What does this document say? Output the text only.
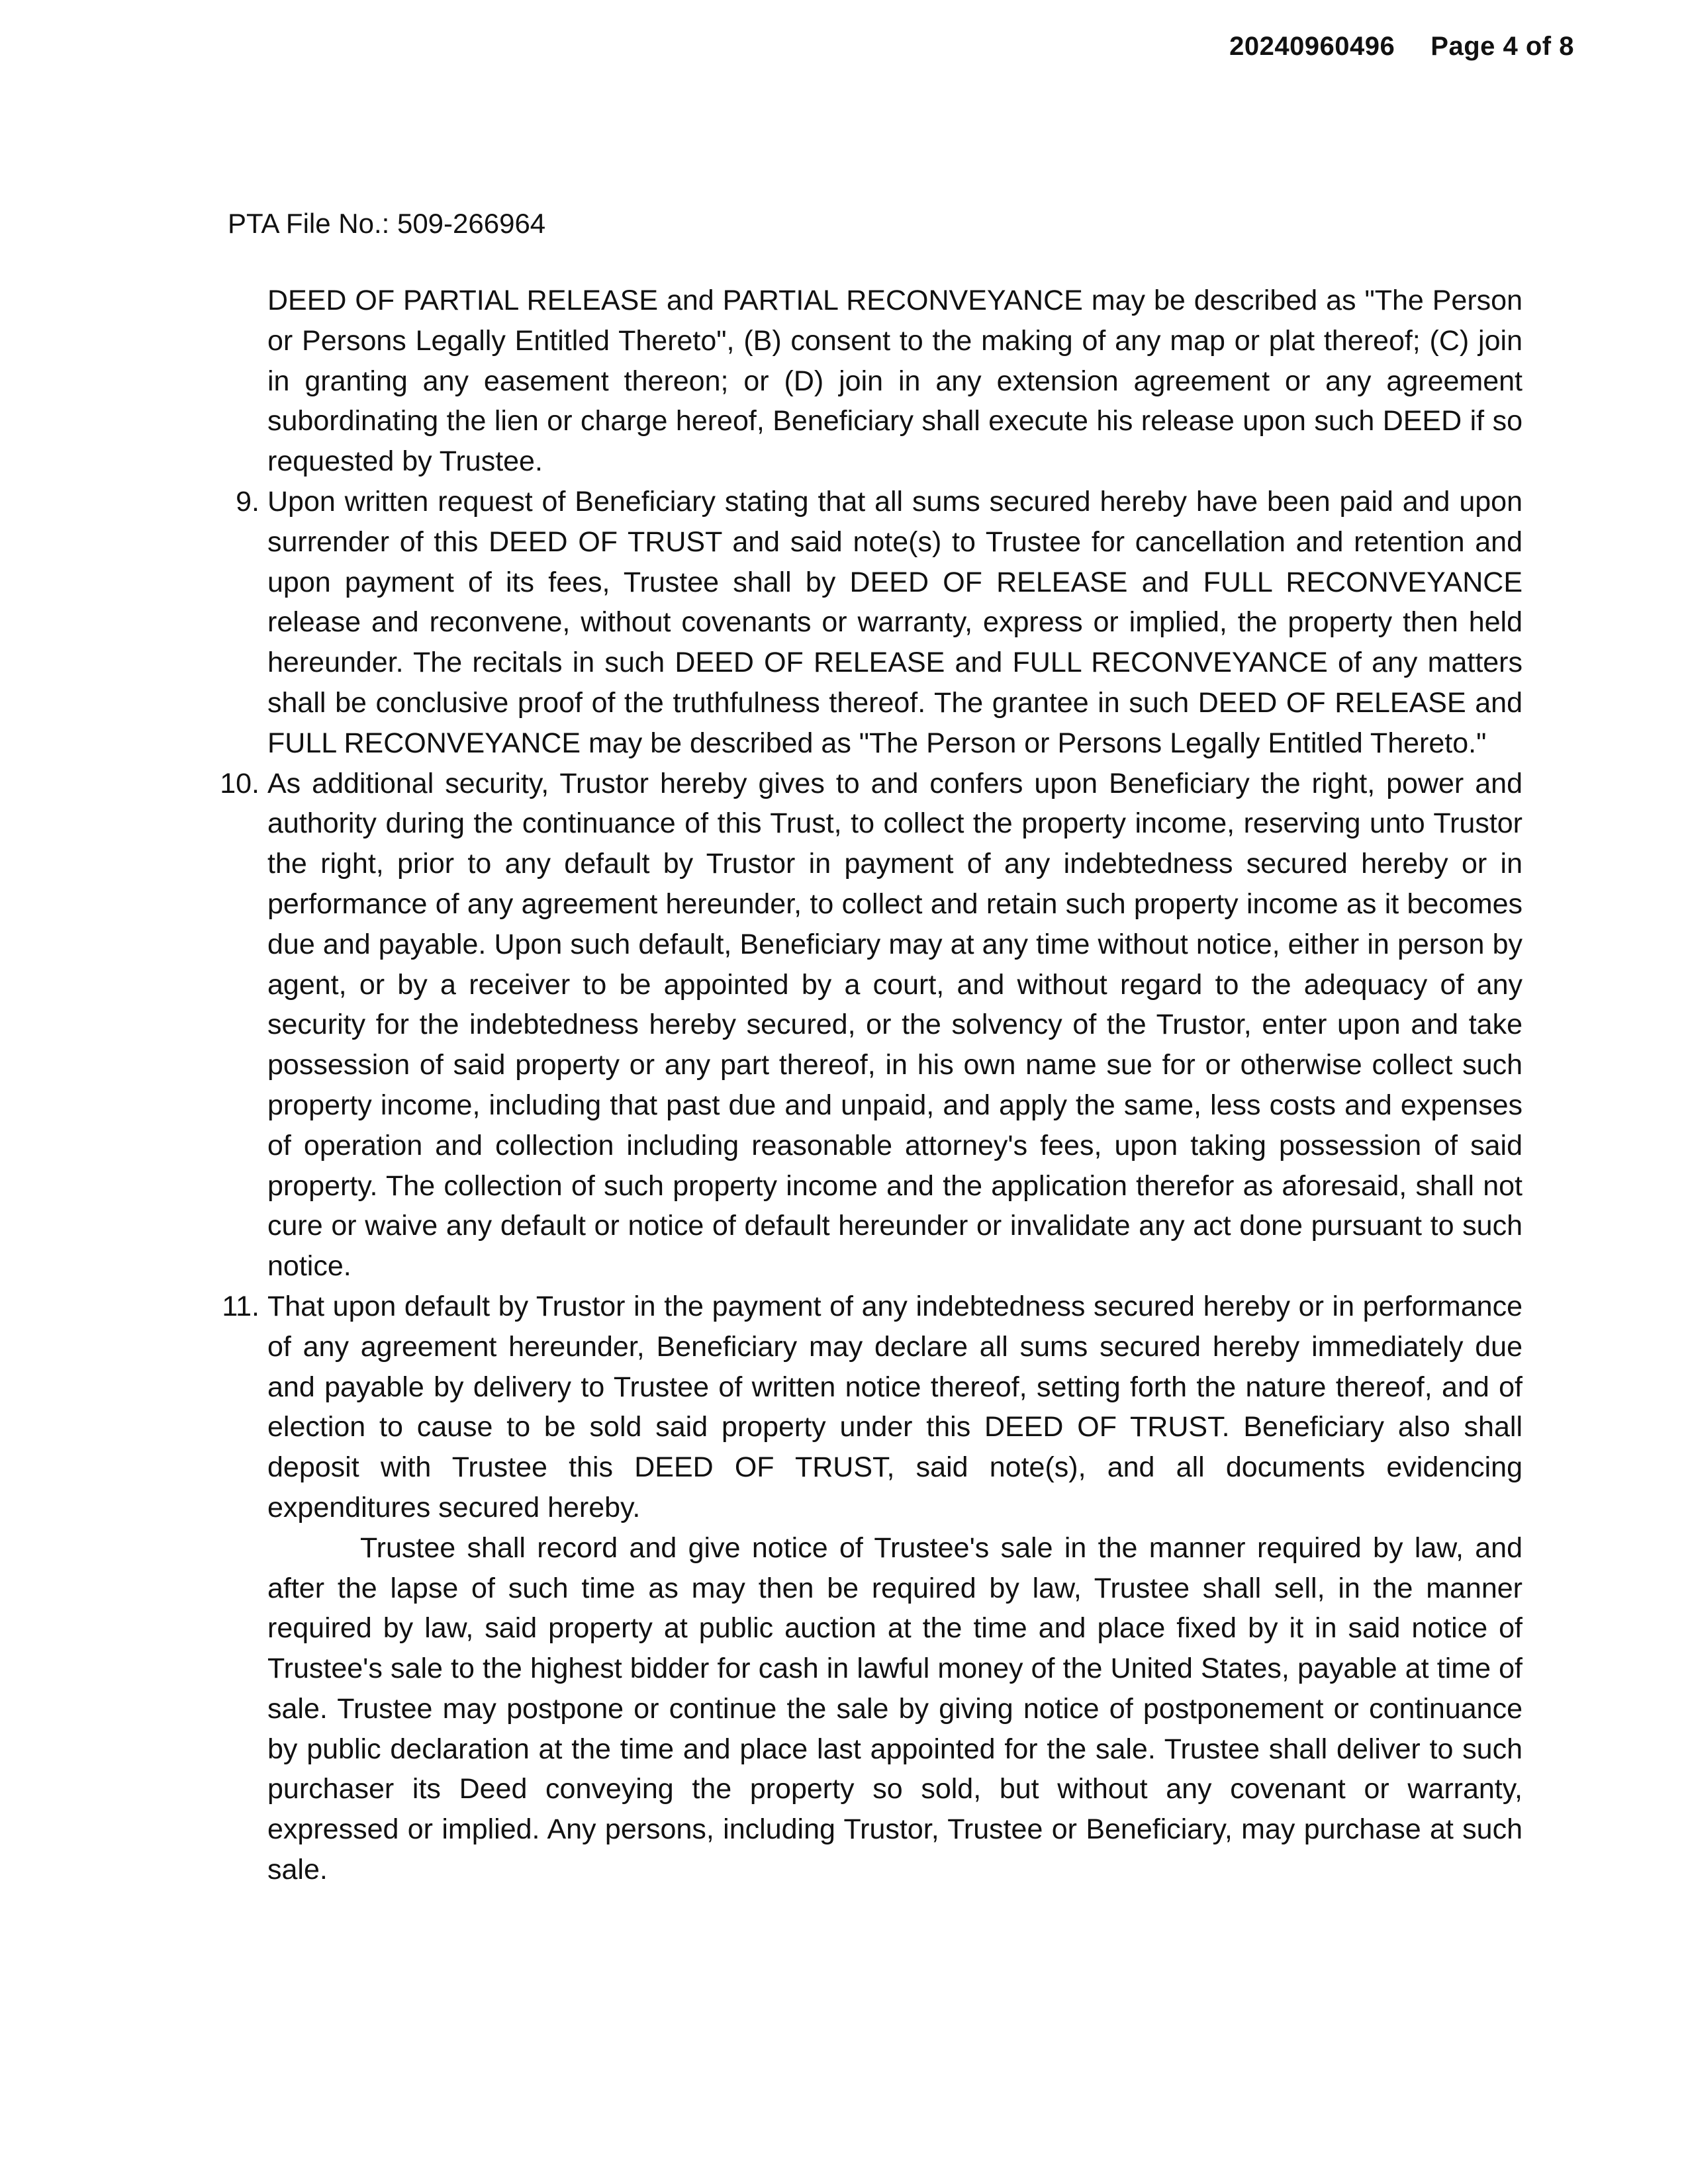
20240960496 Page 4 of 8
PTA File No.: 509-266964

DEED OF PARTIAL RELEASE and PARTIAL RECONVEYANCE may be described as "The Person or Persons Legally Entitled Thereto", (B) consent to the making of any map or plat thereof; (C) join in granting any easement thereon; or (D) join in any extension agreement or any agreement subordinating the lien or charge hereof, Beneficiary shall execute his release upon such DEED if so requested by Trustee.

9. Upon written request of Beneficiary stating that all sums secured hereby have been paid and upon surrender of this DEED OF TRUST and said note(s) to Trustee for cancellation and retention and upon payment of its fees, Trustee shall by DEED OF RELEASE and FULL RECONVEYANCE release and reconvene, without covenants or warranty, express or implied, the property then held hereunder. The recitals in such DEED OF RELEASE and FULL RECONVEYANCE of any matters shall be conclusive proof of the truthfulness thereof. The grantee in such DEED OF RELEASE and FULL RECONVEYANCE may be described as "The Person or Persons Legally Entitled Thereto."

10. As additional security, Trustor hereby gives to and confers upon Beneficiary the right, power and authority during the continuance of this Trust, to collect the property income, reserving unto Trustor the right, prior to any default by Trustor in payment of any indebtedness secured hereby or in performance of any agreement hereunder, to collect and retain such property income as it becomes due and payable. Upon such default, Beneficiary may at any time without notice, either in person by agent, or by a receiver to be appointed by a court, and without regard to the adequacy of any security for the indebtedness hereby secured, or the solvency of the Trustor, enter upon and take possession of said property or any part thereof, in his own name sue for or otherwise collect such property income, including that past due and unpaid, and apply the same, less costs and expenses of operation and collection including reasonable attorney's fees, upon taking possession of said property. The collection of such property income and the application therefor as aforesaid, shall not cure or waive any default or notice of default hereunder or invalidate any act done pursuant to such notice.

11. That upon default by Trustor in the payment of any indebtedness secured hereby or in performance of any agreement hereunder, Beneficiary may declare all sums secured hereby immediately due and payable by delivery to Trustee of written notice thereof, setting forth the nature thereof, and of election to cause to be sold said property under this DEED OF TRUST. Beneficiary also shall deposit with Trustee this DEED OF TRUST, said note(s), and all documents evidencing expenditures secured hereby.

Trustee shall record and give notice of Trustee's sale in the manner required by law, and after the lapse of such time as may then be required by law, Trustee shall sell, in the manner required by law, said property at public auction at the time and place fixed by it in said notice of Trustee's sale to the highest bidder for cash in lawful money of the United States, payable at time of sale. Trustee may postpone or continue the sale by giving notice of postponement or continuance by public declaration at the time and place last appointed for the sale. Trustee shall deliver to such purchaser its Deed conveying the property so sold, but without any covenant or warranty, expressed or implied. Any persons, including Trustor, Trustee or Beneficiary, may purchase at such sale.
